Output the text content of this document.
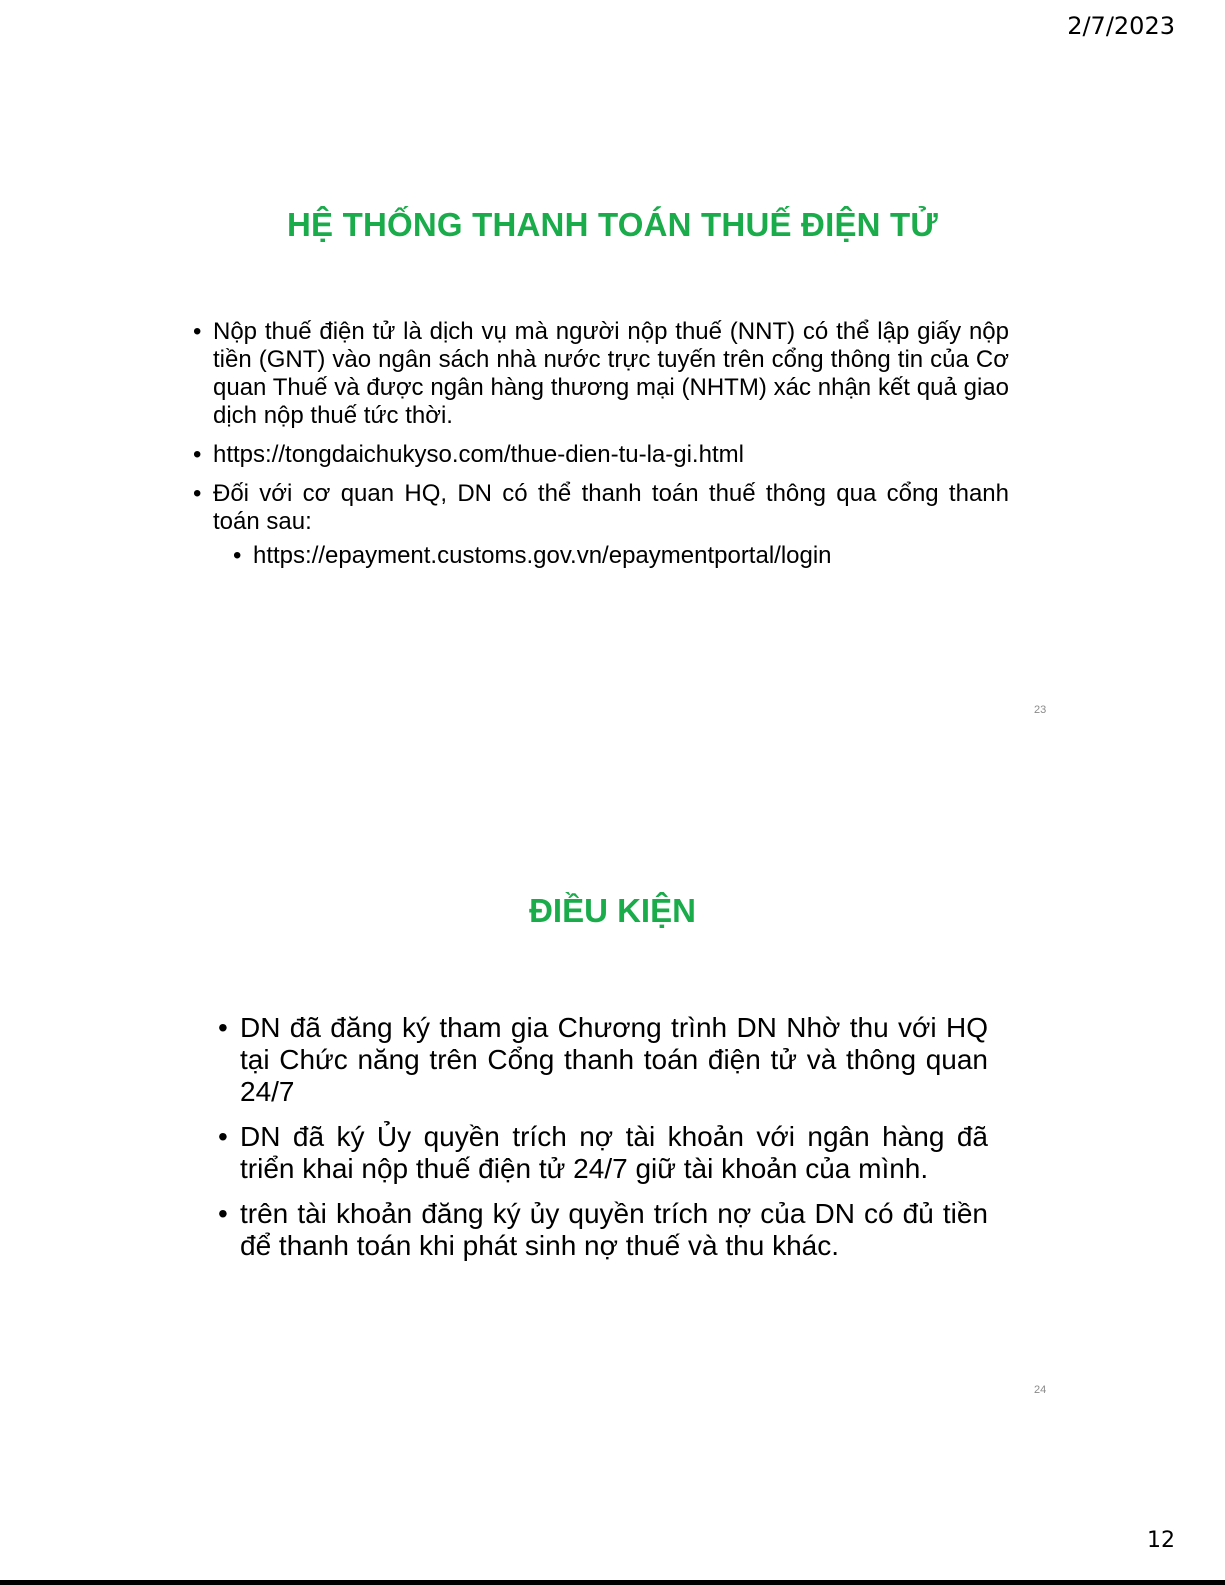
2/7/2023
HỆ THỐNG THANH TOÁN THUẾ ĐIỆN TỬ
• Nộp thuế điện tử là dịch vụ mà người nộp thuế (NNT) có thể lập giấy nộp tiền (GNT) vào ngân sách nhà nước trực tuyến trên cổng thông tin của Cơ quan Thuế và được ngân hàng thương mại (NHTM) xác nhận kết quả giao dịch nộp thuế tức thời.
• https://tongdaichukyso.com/thue-dien-tu-la-gi.html
• Đối với cơ quan HQ, DN có thể thanh toán thuế thông qua cổng thanh toán sau:
• https://epayment.customs.gov.vn/epaymentportal/login
23
ĐIỀU KIỆN
• DN đã đăng ký tham gia Chương trình DN Nhờ thu với HQ tại Chức năng trên Cổng thanh toán điện tử và thông quan 24/7
• DN đã ký Ủy quyền trích nợ tài khoản với ngân hàng đã triển khai nộp thuế điện tử 24/7 giữ tài khoản của mình.
• trên tài khoản đăng ký ủy quyền trích nợ của DN có đủ tiền để thanh toán khi phát sinh nợ thuế và thu khác.
24
12
